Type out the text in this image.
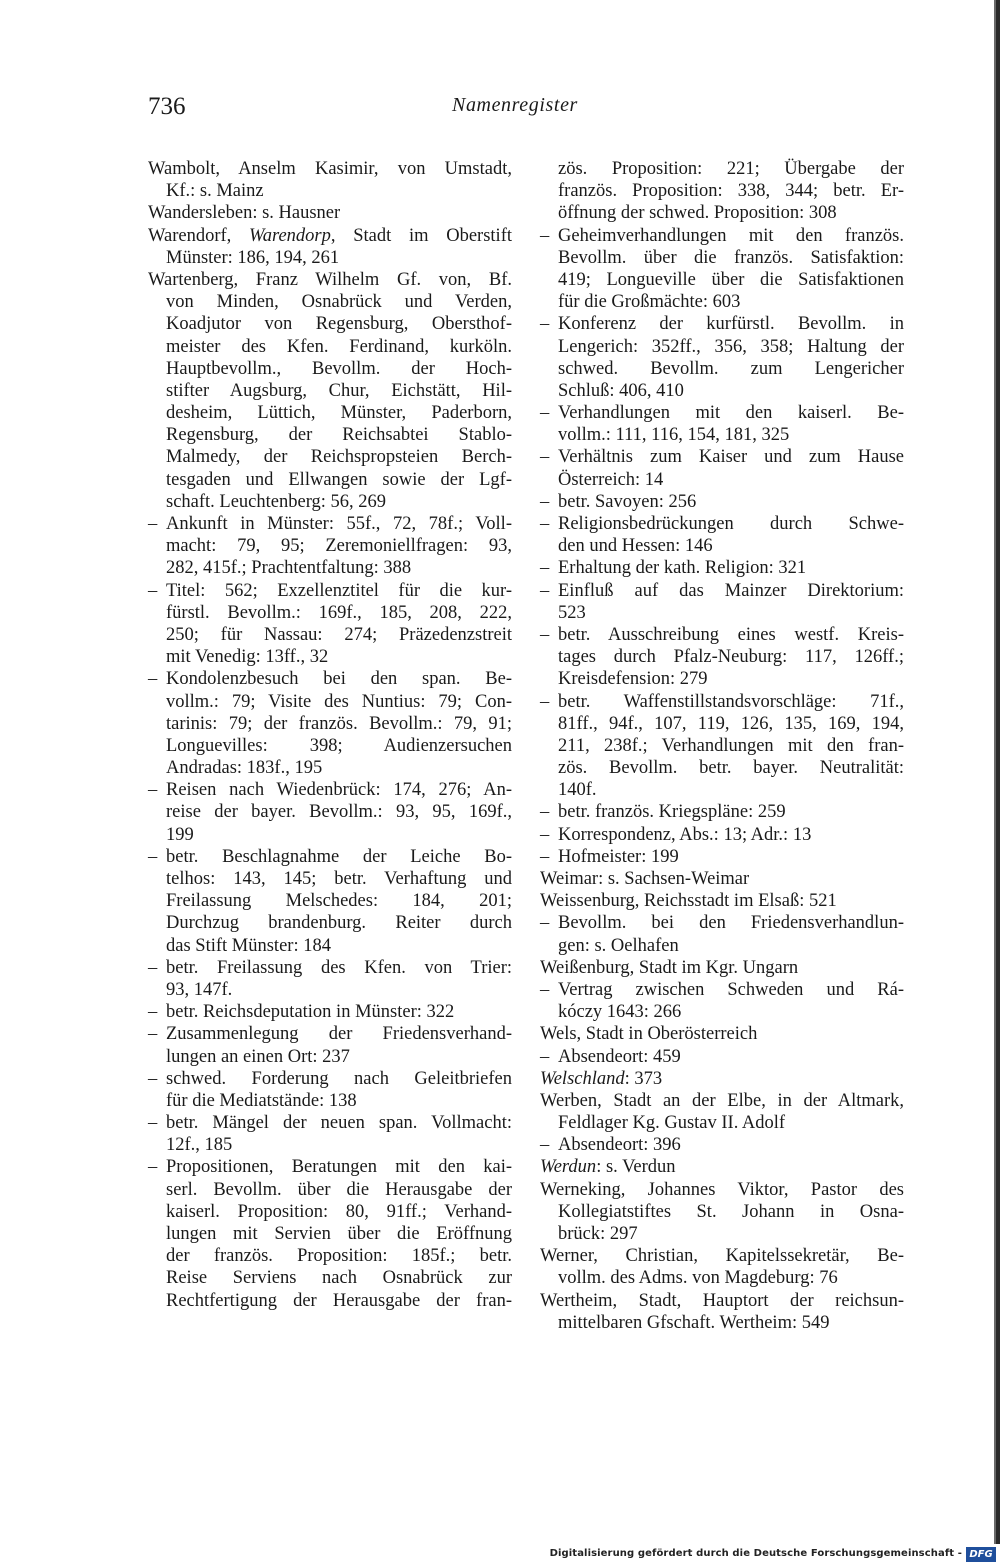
736	Namenregister
Wambolt, Anselm Kasimir, von Umstadt,
Kf.: s. Mainz
Wandersleben: s. Hausner
Warendorf, Warendorp, Stadt im Oberstift
Münster: 186, 194, 261
Wartenberg, Franz Wilhelm Gf. von, Bf.
von Minden, Osnabrück und Verden,
Koadjutor von Regensburg, Obersthof-
meister des Kfen. Ferdinand, kurköln.
Hauptbevollm., Bevollm. der Hoch-
stifter Augsburg, Chur, Eichstätt, Hil-
desheim, Lüttich, Münster, Paderborn,
Regensburg, der Reichsabtei Stablo-
Malmedy, der Reichspropsteien Berch-
tesgaden und Ellwangen sowie der Lgf-
schaft. Leuchtenberg: 56, 269
– Ankunft in Münster: 55f., 72, 78f.; Voll-
macht: 79, 95; Zeremoniellfragen: 93,
282, 415f.; Prachtentfaltung: 388
– Titel: 562; Exzellenztitel für die kur-
fürstl. Bevollm.: 169f., 185, 208, 222,
250; für Nassau: 274; Präzedenzstreit
mit Venedig: 13ff., 32
– Kondolenzbesuch bei den span. Be-
vollm.: 79; Visite des Nuntius: 79; Con-
tarinis: 79; der französ. Bevollm.: 79, 91;
Longuevilles: 398; Audienzersuchen
Andradas: 183f., 195
– Reisen nach Wiedenbrück: 174, 276; An-
reise der bayer. Bevollm.: 93, 95, 169f.,
199
– betr. Beschlagnahme der Leiche Bo-
telhos: 143, 145; betr. Verhaftung und
Freilassung Melschedes: 184, 201;
Durchzug brandenburg. Reiter durch
das Stift Münster: 184
– betr. Freilassung des Kfen. von Trier:
93, 147f.
– betr. Reichsdeputation in Münster: 322
– Zusammenlegung der Friedensverhand-
lungen an einen Ort: 237
– schwed. Forderung nach Geleitbriefen
für die Mediatstände: 138
– betr. Mängel der neuen span. Vollmacht:
12f., 185
– Propositionen, Beratungen mit den kai-
serl. Bevollm. über die Herausgabe der
kaiserl. Proposition: 80, 91ff.; Verhand-
lungen mit Servien über die Eröffnung
der französ. Proposition: 185f.; betr.
Reise Serviens nach Osnabrück zur
Rechtfertigung der Herausgabe der fran-
zös. Proposition: 221; Übergabe der
französ. Proposition: 338, 344; betr. Er-
öffnung der schwed. Proposition: 308
– Geheimverhandlungen mit den französ.
Bevollm. über die französ. Satisfaktion:
419; Longueville über die Satisfaktionen
für die Großmächte: 603
– Konferenz der kurfürstl. Bevollm. in
Lengerich: 352ff., 356, 358; Haltung der
schwed. Bevollm. zum Lengericher
Schluß: 406, 410
– Verhandlungen mit den kaiserl. Be-
vollm.: 111, 116, 154, 181, 325
– Verhältnis zum Kaiser und zum Hause
Österreich: 14
– betr. Savoyen: 256
– Religionsbedrückungen durch Schwe-
den und Hessen: 146
– Erhaltung der kath. Religion: 321
– Einfluß auf das Mainzer Direktorium:
523
– betr. Ausschreibung eines westf. Kreis-
tages durch Pfalz-Neuburg: 117, 126ff.;
Kreisdefension: 279
– betr. Waffenstillstandsvorschläge: 71f.,
81ff., 94f., 107, 119, 126, 135, 169, 194,
211, 238f.; Verhandlungen mit den fran-
zös. Bevollm. betr. bayer. Neutralität:
140f.
– betr. französ. Kriegspläne: 259
– Korrespondenz, Abs.: 13; Adr.: 13
– Hofmeister: 199
Weimar: s. Sachsen-Weimar
Weissenburg, Reichsstadt im Elsaß: 521
– Bevollm. bei den Friedensverhandlun-
gen: s. Oelhafen
Weißenburg, Stadt im Kgr. Ungarn
– Vertrag zwischen Schweden und Rá-
kóczy 1643: 266
Wels, Stadt in Oberösterreich
– Absendeort: 459
Welschland: 373
Werben, Stadt an der Elbe, in der Altmark,
Feldlager Kg. Gustav II. Adolf
– Absendeort: 396
Werdun: s. Verdun
Werneking, Johannes Viktor, Pastor des
Kollegiatstiftes St. Johann in Osna-
brück: 297
Werner, Christian, Kapitelssekretär, Be-
vollm. des Adms. von Magdeburg: 76
Wertheim, Stadt, Hauptort der reichsun-
mittelbaren Gfschaft. Wertheim: 549
Digitalisierung gefördert durch die Deutsche Forschungsgemeinschaft - DFG
